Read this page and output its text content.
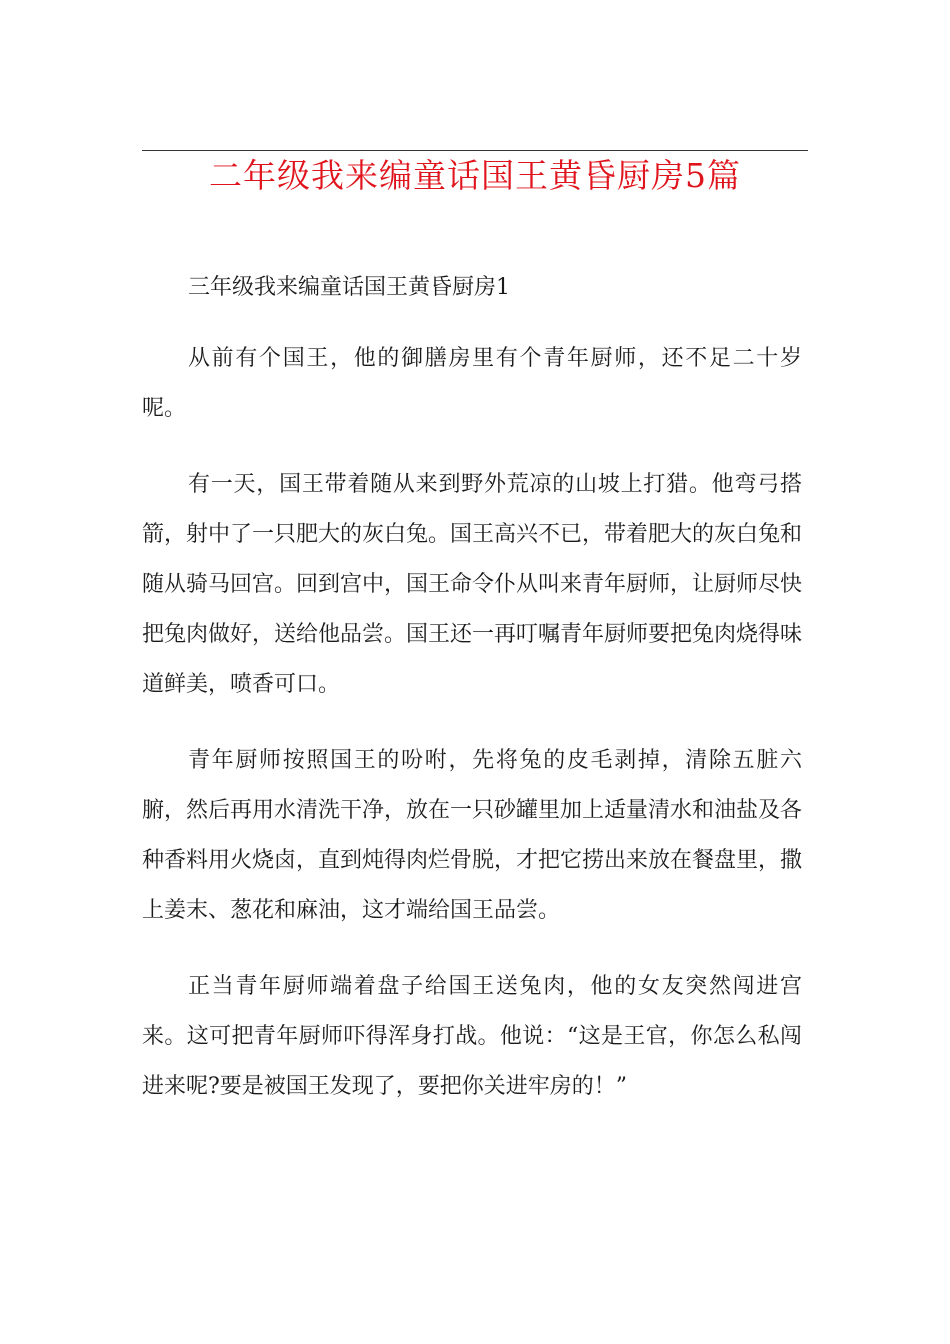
二年级我来编童话国王黄昏厨房5篇

三年级我来编童话国王黄昏厨房1

从前有个国王，他的御膳房里有个青年厨师，还不足二十岁呢。

有一天，国王带着随从来到野外荒凉的山坡上打猎。他弯弓搭箭，射中了一只肥大的灰白兔。国王高兴不已，带着肥大的灰白兔和随从骑马回宫。回到宫中，国王命令仆从叫来青年厨师，让厨师尽快把兔肉做好，送给他品尝。国王还一再叮嘱青年厨师要把兔肉烧得味道鲜美，喷香可口。

青年厨师按照国王的吩咐，先将兔的皮毛剥掉，清除五脏六腑，然后再用水清洗干净，放在一只砂罐里加上适量清水和油盐及各种香料用火烧卤，直到炖得肉烂骨脱，才把它捞出来放在餐盘里，撒上姜末、葱花和麻油，这才端给国王品尝。

正当青年厨师端着盘子给国王送兔肉，他的女友突然闯进宫来。这可把青年厨师吓得浑身打战。他说：“这是王官，你怎么私闯进来呢?要是被国王发现了，要把你关进牢房的！”
